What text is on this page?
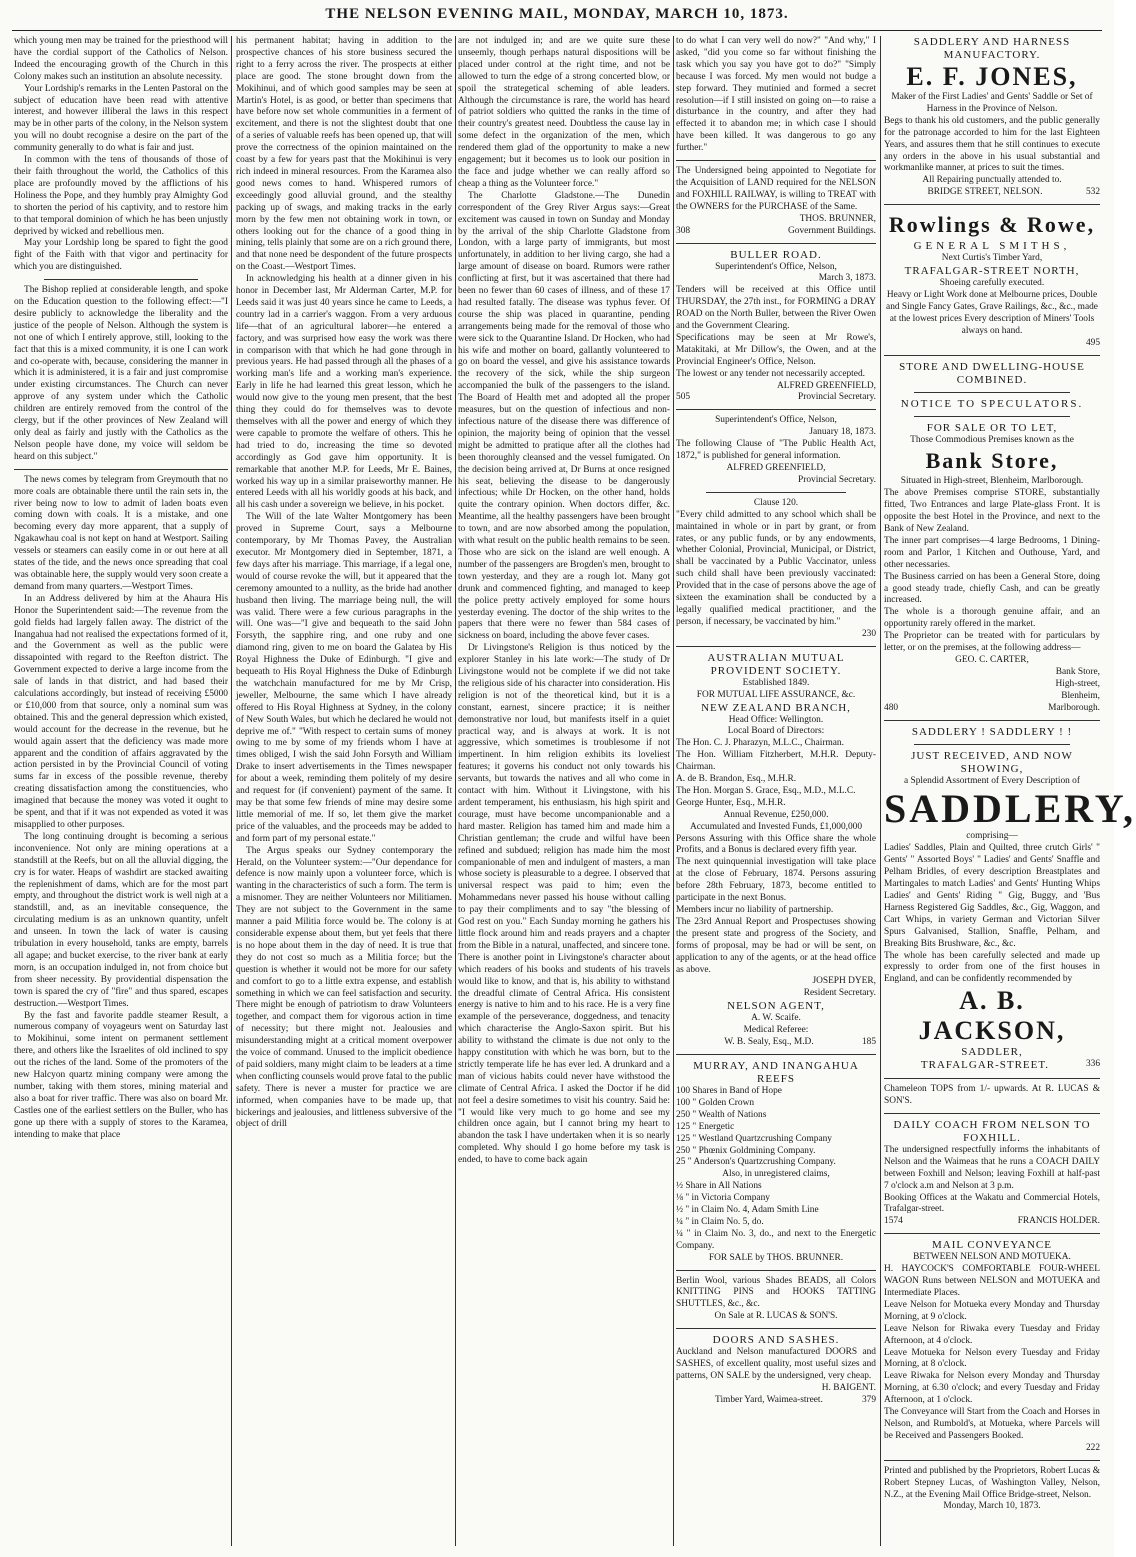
THE NELSON EVENING MAIL, MONDAY, MARCH 10, 1873.

which young men may be trained for the priesthood will have the cordial support of the Catholics of Nelson. Indeed the encouraging growth of the Church in this Colony makes such an institution an absolute necessity.

Your Lordship's remarks in the Lenten Pastoral on the subject of education have been read with attentive interest, and however illiberal the laws in this respect may be in other parts of the colony, in the Nelson system you will no doubt recognise a desire on the part of the community generally to do what is fair and just.

In common with the tens of thousands of those of their faith throughout the world, the Catholics of this place are profoundly moved by the afflictions of his Holiness the Pope, and they humbly pray Almighty God to shorten the period of his captivity, and to restore him to that temporal dominion of which he has been unjustly deprived by wicked and rebellious men.

May your Lordship long be spared to fight the good fight of the Faith with that vigor and pertinacity for which you are distinguished.

The Bishop replied at considerable length, and spoke on the Education question to the following effect:—"I desire publicly to acknowledge the liberality and the justice of the people of Nelson. Although the system is not one of which I entirely approve, still, looking to the fact that this is a mixed community, it is one I can work and co-operate with, because, considering the manner in which it is administered, it is a fair and just compromise under existing circumstances. The Church can never approve of any system under which the Catholic children are entirely removed from the control of the clergy, but if the other provinces of New Zealand will only deal as fairly and justly with the Catholics as the Nelson people have done, my voice will seldom be heard on this subject."

The news comes by telegram from Greymouth that no more coals are obtainable there until the rain sets in, the river being now to low to admit of laden boats even coming down with coals. It is a mistake, and one becoming every day more apparent, that a supply of Ngakawhau coal is not kept on hand at Westport. Sailing vessels or steamers can easily come in or out here at all states of the tide, and the news once spreading that coal was obtainable here, the supply would very soon create a demand from many quarters.—Westport Times.

In an Address delivered by him at the Ahaura His Honor the Superintendent said:—The revenue from the gold fields had largely fallen away. The district of the Inangahua had not realised the expectations formed of it, and the Government as well as the public were dissapointed with regard to the Reefton district. The Government expected to derive a large income from the sale of lands in that district, and had based their calculations accordingly, but instead of receiving £5000 or £10,000 from that source, only a nominal sum was obtained. This and the general depression which existed, would account for the decrease in the revenue, but he would again assert that the deficiency was made more apparent and the condition of affairs aggravated by the action persisted in by the Provincial Council of voting sums far in excess of the possible revenue, thereby creating dissatisfaction among the constituencies, who imagined that because the money was voted it ought to be spent, and that if it was not expended as voted it was misapplied to other purposes.

The long continuing drought is becoming a serious inconvenience. Not only are mining operations at a standstill at the Reefs, but on all the alluvial digging, the cry is for water. Heaps of washdirt are stacked awaiting the replenishment of dams, which are for the most part empty, and throughout the district work is well nigh at a standstill, and, as an inevitable consequence, the circulating medium is as an unknown quantity, unfelt and unseen. In town the lack of water is causing tribulation in every household, tanks are empty, barrels all agape; and bucket exercise, to the river bank at early morn, is an occupation indulged in, not from choice but from sheer necessity. By providential dispensation the town is spared the cry of "fire" and thus spared, escapes destruction.—Westport Times.

By the fast and favorite paddle steamer Result, a numerous company of voyageurs went on Saturday last to Mokihinui, some intent on permanent settlement there, and others like the Israelites of old inclined to spy out the riches of the land. Some of the promoters of the new Halcyon quartz mining company were among the number, taking with them stores, mining material and also a boat for river traffic. There was also on board Mr. Castles one of the earliest settlers on the Buller, who has gone up there with a supply of stores to the Karamea, intending to make that place

his permanent habitat; having in addition to the prospective chances of his store business secured the right to a ferry across the river. The prospects at either place are good. The stone brought down from the Mokihinui, and of which good samples may be seen at Martin's Hotel, is as good, or better than specimens that have before now set whole communities in a ferment of excitement, and there is not the slightest doubt that one of a series of valuable reefs has been opened up, that will prove the correctness of the opinion maintained on the coast by a few for years past that the Mokihinui is very rich indeed in mineral resources. From the Karamea also good news comes to hand. Whispered rumors of exceedingly good alluvial ground, and the stealthy packing up of swags, and making tracks in the early morn by the few men not obtaining work in town, or others looking out for the chance of a good thing in mining, tells plainly that some are on a rich ground there, and that none need be despondent of the future prospects on the Coast.—Westport Times.

In acknowledging his health at a dinner given in his honor in December last, Mr Alderman Carter, M.P. for Leeds said it was just 40 years since he came to Leeds, a country lad in a carrier's waggon. From a very arduous life—that of an agricultural laborer—he entered a factory, and was surprised how easy the work was there in comparison with that which he had gone through in previous years. He had passed through all the phases of a working man's life and a working man's experience. Early in life he had learned this great lesson, which he would now give to the young men present, that the best thing they could do for themselves was to devote themselves with all the power and energy of which they were capable to promote the welfare of others. This he had tried to do, increasing the time so devoted accordingly as God gave him opportunity. It is remarkable that another M.P. for Leeds, Mr E. Baines, worked his way up in a similar praiseworthy manner. He entered Leeds with all his worldly goods at his back, and all his cash under a sovereign we believe, in his pocket.

The Will of the late Walter Montgomery has been proved in Supreme Court, says a Melbourne contemporary, by Mr Thomas Pavey, the Australian executor. Mr Montgomery died in September, 1871, a few days after his marriage. This marriage, if a legal one, would of course revoke the will, but it appeared that the ceremony amounted to a nullity, as the bride had another husband then living. The marriage being null, the will was valid. There were a few curious paragraphs in the will. One was—"I give and bequeath to the said John Forsyth, the sapphire ring, and one ruby and one diamond ring, given to me on board the Galatea by His Royal Highness the Duke of Edinburgh. "I give and bequeath to His Royal Highness the Duke of Edinburgh the watchchain manufactured for me by Mr Crisp, jeweller, Melbourne, the same which I have already offered to His Royal Highness at Sydney, in the colony of New South Wales, but which he declared he would not deprive me of." "With respect to certain sums of money owing to me by some of my friends whom I have at times obliged, I wish the said John Forsyth and William Drake to insert advertisements in the Times newspaper for about a week, reminding them politely of my desire and request for (if convenient) payment of the same. It may be that some few friends of mine may desire some little memorial of me. If so, let them give the market price of the valuables, and the proceeds may be added to and form part of my personal estate."

The Argus speaks our Sydney contemporary the Herald, on the Volunteer system:—"Our dependance for defence is now mainly upon a volunteer force, which is wanting in the characteristics of such a form. The term is a misnomer. They are neither Volunteers nor Militiamen. They are not subject to the Government in the same manner a paid Militia force would be. The colony is at considerable expense about them, but yet feels that there is no hope about them in the day of need. It is true that they do not cost so much as a Militia force; but the question is whether it would not be more for our safety and comfort to go to a little extra expense, and establish something in which we can feel satisfaction and security. There might be enough of patriotism to draw Volunteers together, and compact them for vigorous action in time of necessity; but there might not. Jealousies and misunderstanding might at a critical moment overpower the voice of command. Unused to the implicit obedience of paid soldiers, many might claim to be leaders at a time when conflicting counsels would prove fatal to the public safety. There is never a muster for practice we are informed, when companies have to be made up, that bickerings and jealousies, and littleness subversive of the object of drill

are not indulged in; and are we quite sure these unseemly, though perhaps natural dispositions will be placed under control at the right time, and not be allowed to turn the edge of a strong concerted blow, or spoil the strategetical scheming of able leaders. Although the circumstance is rare, the world has heard of patriot soldiers who quitted the ranks in the time of their country's greatest need. Doubtless the cause lay in some defect in the organization of the men, which rendered them glad of the opportunity to make a new engagement; but it becomes us to look our position in the face and judge whether we can really afford so cheap a thing as the Volunteer force."

The Charlotte Gladstone.—The Dunedin correspondent of the Grey River Argus says:—Great excitement was caused in town on Sunday and Monday by the arrival of the ship Charlotte Gladstone from London, with a large party of immigrants, but most unfortunately, in addition to her living cargo, she had a large amount of disease on board. Rumors were rather conflicting at first, but it was ascertained that there had been no fewer than 60 cases of illness, and of these 17 had resulted fatally. The disease was typhus fever. Of course the ship was placed in quarantine, pending arrangements being made for the removal of those who were sick to the Quarantine Island. Dr Hocken, who had his wife and mother on board, gallantly volunteered to go on board the vessel, and give his assistance towards the recovery of the sick, while the ship surgeon accompanied the bulk of the passengers to the island. The Board of Health met and adopted all the proper measures, but on the question of infectious and non-infectious nature of the disease there was difference of opinion, the majority being of opinion that the vessel might be admitted to pratique after all the clothes had been thoroughly cleansed and the vessel fumigated. On the decision being arrived at, Dr Burns at once resigned his seat, believing the disease to be dangerously infectious; while Dr Hocken, on the other hand, holds quite the contrary opinion. When doctors differ, &c. Meantime, all the healthy passengers have been brought to town, and are now absorbed among the population, with what result on the public health remains to be seen. Those who are sick on the island are well enough. A number of the passengers are Brogden's men, brought to town yesterday, and they are a rough lot. Many got drunk and commenced fighting, and managed to keep the police pretty actively employed for some hours yesterday evening. The doctor of the ship writes to the papers that there were no fewer than 584 cases of sickness on board, including the above fever cases.

Dr Livingstone's Religion is thus noticed by the explorer Stanley in his late work:—The study of Dr Livingstone would not be complete if we did not take the religious side of his character into consideration. His religion is not of the theoretical kind, but it is a constant, earnest, sincere practice; it is neither demonstrative nor loud, but manifests itself in a quiet practical way, and is always at work. It is not aggressive, which sometimes is troublesome if not impertinent. In him religion exhibits its loveliest features; it governs his conduct not only towards his servants, but towards the natives and all who come in contact with him. Without it Livingstone, with his ardent temperament, his enthusiasm, his high spirit and courage, must have become uncompanionable and a hard master. Religion has tamed him and made him a Christian gentleman; the crude and wilful have been refined and subdued; religion has made him the most companionable of men and indulgent of masters, a man whose society is pleasurable to a degree. I observed that universal respect was paid to him; even the Mohammedans never passed his house without calling to pay their compliments and to say "the blessing of God rest on you." Each Sunday morning he gathers his little flock around him and reads prayers and a chapter from the Bible in a natural, unaffected, and sincere tone. There is another point in Livingstone's character about which readers of his books and students of his travels would like to know, and that is, his ability to withstand the dreadful climate of Central Africa. His consistent energy is native to him and to his race. He is a very fine example of the perseverance, doggedness, and tenacity which characterise the Anglo-Saxon spirit. But his ability to withstand the climate is due not only to the happy constitution with which he was born, but to the strictly temperate life he has ever led. A drunkard and a man of vicious habits could never have withstood the climate of Central Africa. I asked the Doctor if he did not feel a desire sometimes to visit his country. Said he: "I would like very much to go home and see my children once again, but I cannot bring my heart to abandon the task I have undertaken when it is so nearly completed. Why should I go home before my task is ended, to have to come back again

to do what I can very well do now?" "And why," I asked, "did you come so far without finishing the task which you say you have got to do?" "Simply because I was forced. My men would not budge a step forward. They mutinied and formed a secret resolution—if I still insisted on going on—to raise a disturbance in the country, and after they had effected it to abandon me; in which case I should have been killed. It was dangerous to go any further."

The Undersigned being appointed to Negotiate for the Acquisition of LAND required for the NELSON and FOXHILL RAILWAY, is willing to TREAT with the OWNERS for the PURCHASE of the Same.

THOS. BRUNNER,

308	Government Buildings.

BULLER ROAD.

Superintendent's Office, Nelson,

March 3, 1873.

Tenders will be received at this Office until THURSDAY, the 27th inst., for FORMING a DRAY ROAD on the North Buller, between the River Owen and the Government Clearing.

Specifications may be seen at Mr Rowe's, Matakitaki, at Mr Dillow's, the Owen, and at the Provincial Engineer's Office, Nelson.

The lowest or any tender not necessarily accepted.

ALFRED GREENFIELD,

505	Provincial Secretary.

Superintendent's Office, Nelson,

January 18, 1873.

The following Clause of "The Public Health Act, 1872," is published for general information.

ALFRED GREENFIELD,

Provincial Secretary.

Clause 120.

"Every child admitted to any school which shall be maintained in whole or in part by grant, or from rates, or any public funds, or by any endowments, whether Colonial, Provincial, Municipal, or District, shall be vaccinated by a Public Vaccinator, unless such child shall have been previously vaccinated: Provided that in the case of persons above the age of sixteen the examination shall be conducted by a legally qualified medical practitioner, and the person, if necessary, be vaccinated by him."

230

AUSTRALIAN MUTUAL PROVIDENT SOCIETY.

Established 1849.

FOR MUTUAL LIFE ASSURANCE, &c.

NEW ZEALAND BRANCH,

Head Office: Wellington.

Local Board of Directors:

The Hon. C. J. Pharazyn, M.L.C., Chairman.

The Hon. William Fitzherbert, M.H.R. Deputy-Chairman.

A. de B. Brandon, Esq., M.H.R.

The Hon. Morgan S. Grace, Esq., M.D., M.L.C.

George Hunter, Esq., M.H.R.

Annual Revenue, £250,000.

Accumulated and Invested Funds, £1,000,000

Persons Assuring with this Office share the whole Profits, and a Bonus is declared every fifth year.

The next quinquennial investigation will take place at the close of February, 1874. Persons assuring before 28th February, 1873, become entitled to participate in the next Bonus.

Members incur no liability of partnership.

The 23rd Annual Report and Prospectuses showing the present state and progress of the Society, and forms of proposal, may be had or will be sent, on application to any of the agents, or at the head office as above.

JOSEPH DYER,

Resident Secretary.

NELSON AGENT,

A. W. Scaife.

Medical Referee:

W. B. Sealy, Esq., M.D.	185

MURRAY, AND INANGAHUA REEFS

100 Shares in Band of Hope

100 " Golden Crown

250 " Wealth of Nations

125 " Energetic

125 " Westland Quartzcrushing Company

250 " Phœnix Goldmining Company.

25 " Anderson's Quartzcrushing Company.

Also, in unregistered claims,

½ Share in All Nations

⅛ " in Victoria Company

½ " in Claim No. 4, Adam Smith Line

¼ " in Claim No. 5, do.

¼ " in Claim No. 3, do., and next to the Energetic Company.

FOR SALE by THOS. BRUNNER.

Berlin Wool, various Shades BEADS, all Colors KNITTING PINS and HOOKS TATTING SHUTTLES, &c., &c.

On Sale at R. LUCAS & SON'S.

DOORS AND SASHES.

Auckland and Nelson manufactured DOORS and SASHES, of excellent quality, most useful sizes and patterns, ON SALE by the undersigned, very cheap.

H. BAIGENT.

Timber Yard, Waimea-street.	379

SADDLERY AND HARNESS MANUFACTORY.

E. F. JONES,

Maker of the First Ladies' and Gents' Saddle or Set of Harness in the Province of Nelson.

Begs to thank his old customers, and the public generally for the patronage accorded to him for the last Eighteen Years, and assures them that he still continues to execute any orders in the above in his usual substantial and workmanlike manner, at prices to suit the times.

All Repairing punctually attended to.

BRIDGE STREET, NELSON.	532

Rowlings & Rowe,

GENERAL SMITHS,

Next Curtis's Timber Yard,

TRAFALGAR-STREET NORTH,

Shoeing carefully executed.

Heavy or Light Work done at Melbourne prices, Double and Single Fancy Gates, Grave Railings, &c., &c., made at the lowest prices Every description of Miners' Tools always on hand.

495

STORE AND DWELLING-HOUSE COMBINED.

NOTICE TO SPECULATORS.

FOR SALE OR TO LET,

Those Commodious Premises known as the

Bank Store,

Situated in High-street, Blenheim, Marlborough.

The above Premises comprise STORE, substantially fitted, Two Entrances and large Plate-glass Front. It is opposite the best Hotel in the Province, and next to the Bank of New Zealand.

The inner part comprises—4 large Bedrooms, 1 Dining-room and Parlor, 1 Kitchen and Outhouse, Yard, and other necessaries.

The Business carried on has been a General Store, doing a good steady trade, chiefly Cash, and can be greatly increased.

The whole is a thorough genuine affair, and an opportunity rarely offered in the market.

The Proprietor can be treated with for particulars by letter, or on the premises, at the following address—

GEO. C. CARTER,

Bank Store,

High-street,

Blenheim,

480	Marlborough.

SADDLERY ! SADDLERY ! !

JUST RECEIVED, AND NOW SHOWING,

a Splendid Assortment of Every Description of

SADDLERY,

comprising—

Ladies' Saddles, Plain and Quilted, three crutch Girls' " Gents' " Assorted Boys' " Ladies' and Gents' Snaffle and Pelham Bridles, of every description Breastplates and Martingales to match Ladies' and Gents' Hunting Whips Ladies' and Gents' Riding " Gig, Buggy, and 'Bus Harness Registered Gig Saddles, &c., Gig, Waggon, and Cart Whips, in variety German and Victorian Silver Spurs Galvanised, Stallion, Snaffle, Pelham, and Breaking Bits Brushware, &c., &c.

The whole has been carefully selected and made up expressly to order from one of the first houses in England, and can be confidently recommended by

A. B. JACKSON,

SADDLER,

TRAFALGAR-STREET.	336

Chameleon TOPS from 1/- upwards. At R. LUCAS & SON'S.

DAILY COACH FROM NELSON TO FOXHILL.

The undersigned respectfully informs the inhabitants of Nelson and the Waimeas that he runs a COACH DAILY between Foxhill and Nelson; leaving Foxhill at half-past 7 o'clock a.m and Nelson at 3 p.m.

Booking Offices at the Wakatu and Commercial Hotels, Trafalgar-street.

1574	FRANCIS HOLDER.

MAIL CONVEYANCE

BETWEEN NELSON AND MOTUEKA.

H. HAYCOCK'S COMFORTABLE FOUR-WHEEL WAGON Runs between NELSON and MOTUEKA and Intermediate Places.

Leave Nelson for Motueka every Monday and Thursday Morning, at 9 o'clock.

Leave Nelson for Riwaka every Tuesday and Friday Afternoon, at 4 o'clock.

Leave Motueka for Nelson every Tuesday and Friday Morning, at 8 o'clock.

Leave Riwaka for Nelson every Monday and Thursday Morning, at 6.30 o'clock; and every Tuesday and Friday Afternoon, at 1 o'clock.

The Conveyance will Start from the Coach and Horses in Nelson, and Rumbold's, at Motueka, where Parcels will be Received and Passengers Booked.

222

Printed and published by the Proprietors, Robert Lucas & Robert Stepney Lucas, of Washington Valley, Nelson, N.Z., at the Evening Mail Office Bridge-street, Nelson.

Monday, March 10, 1873.
